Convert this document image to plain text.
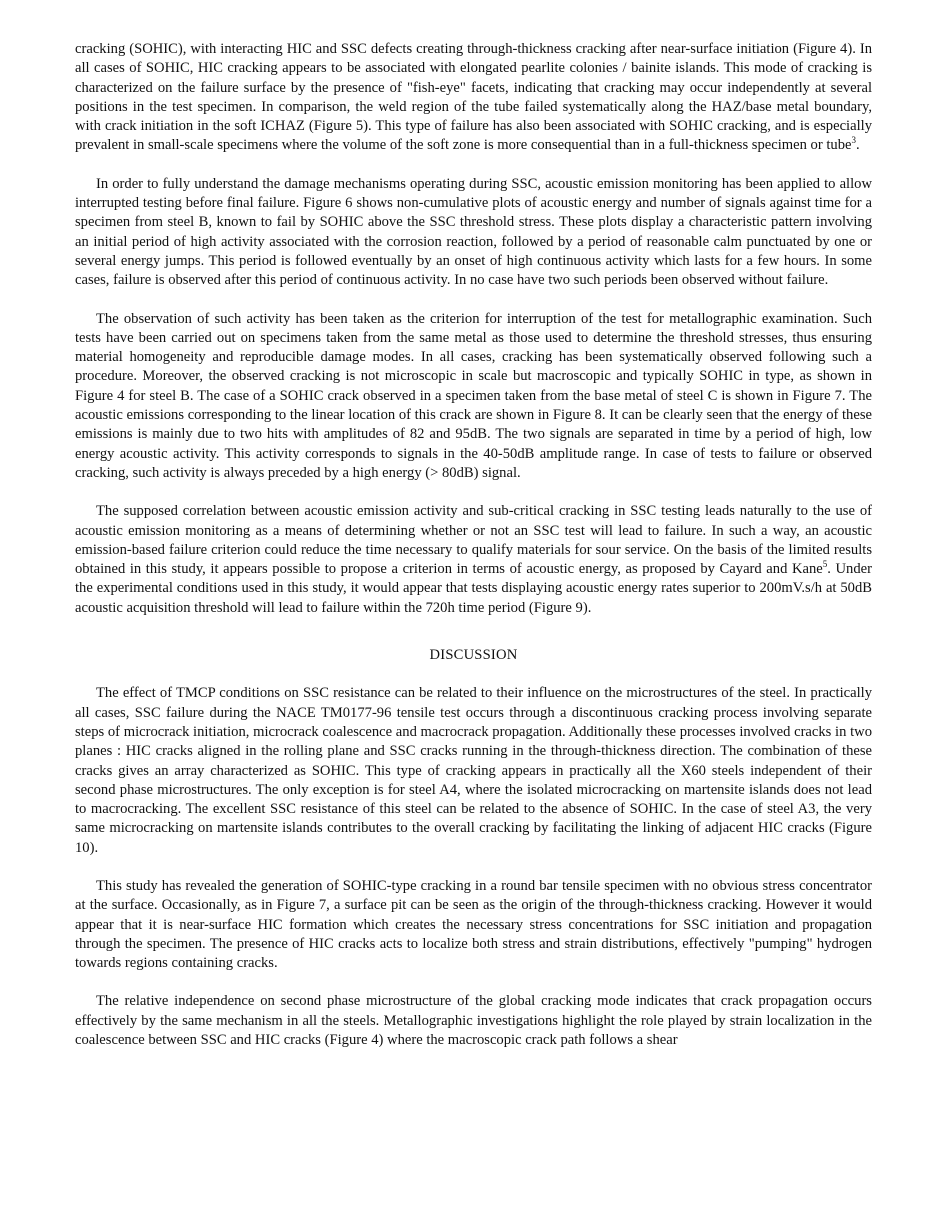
cracking (SOHIC), with interacting HIC and SSC defects creating through-thickness cracking after near-surface initiation (Figure 4). In all cases of SOHIC, HIC cracking appears to be associated with elongated pearlite colonies / bainite islands. This mode of cracking is characterized on the failure surface by the presence of "fish-eye" facets, indicating that cracking may occur independently at several positions in the test specimen. In comparison, the weld region of the tube failed systematically along the HAZ/base metal boundary, with crack initiation in the soft ICHAZ (Figure 5). This type of failure has also been associated with SOHIC cracking, and is especially prevalent in small-scale specimens where the volume of the soft zone is more consequential than in a full-thickness specimen or tube$^3$.

In order to fully understand the damage mechanisms operating during SSC, acoustic emission monitoring has been applied to allow interrupted testing before final failure. Figure 6 shows non-cumulative plots of acoustic energy and number of signals against time for a specimen from steel B, known to fail by SOHIC above the SSC threshold stress. These plots display a characteristic pattern involving an initial period of high activity associated with the corrosion reaction, followed by a period of reasonable calm punctuated by one or several energy jumps. This period is followed eventually by an onset of high continuous activity which lasts for a few hours. In some cases, failure is observed after this period of continuous activity. In no case have two such periods been observed without failure.

The observation of such activity has been taken as the criterion for interruption of the test for metallographic examination. Such tests have been carried out on specimens taken from the same metal as those used to determine the threshold stresses, thus ensuring material homogeneity and reproducible damage modes. In all cases, cracking has been systematically observed following such a procedure. Moreover, the observed cracking is not microscopic in scale but macroscopic and typically SOHIC in type, as shown in Figure 4 for steel B. The case of a SOHIC crack observed in a specimen taken from the base metal of steel C is shown in Figure 7. The acoustic emissions corresponding to the linear location of this crack are shown in Figure 8. It can be clearly seen that the energy of these emissions is mainly due to two hits with amplitudes of 82 and 95dB. The two signals are separated in time by a period of high, low energy acoustic activity. This activity corresponds to signals in the 40-50dB amplitude range. In case of tests to failure or observed cracking, such activity is always preceded by a high energy (> 80dB) signal.

The supposed correlation between acoustic emission activity and sub-critical cracking in SSC testing leads naturally to the use of acoustic emission monitoring as a means of determining whether or not an SSC test will lead to failure. In such a way, an acoustic emission-based failure criterion could reduce the time necessary to qualify materials for sour service. On the basis of the limited results obtained in this study, it appears possible to propose a criterion in terms of acoustic energy, as proposed by Cayard and Kane$^5$. Under the experimental conditions used in this study, it would appear that tests displaying acoustic energy rates superior to 200mV.s/h at 50dB acoustic acquisition threshold will lead to failure within the 720h time period (Figure 9).

DISCUSSION

The effect of TMCP conditions on SSC resistance can be related to their influence on the microstructures of the steel. In practically all cases, SSC failure during the NACE TM0177-96 tensile test occurs through a discontinuous cracking process involving separate steps of microcrack initiation, microcrack coalescence and macrocrack propagation. Additionally these processes involved cracks in two planes : HIC cracks aligned in the rolling plane and SSC cracks running in the through-thickness direction. The combination of these cracks gives an array characterized as SOHIC. This type of cracking appears in practically all the X60 steels independent of their second phase microstructures. The only exception is for steel A4, where the isolated microcracking on martensite islands does not lead to macrocracking. The excellent SSC resistance of this steel can be related to the absence of SOHIC. In the case of steel A3, the very same microcracking on martensite islands contributes to the overall cracking by facilitating the linking of adjacent HIC cracks (Figure 10).

This study has revealed the generation of SOHIC-type cracking in a round bar tensile specimen with no obvious stress concentrator at the surface. Occasionally, as in Figure 7, a surface pit can be seen as the origin of the through-thickness cracking. However it would appear that it is near-surface HIC formation which creates the necessary stress concentrations for SSC initiation and propagation through the specimen. The presence of HIC cracks acts to localize both stress and strain distributions, effectively "pumping" hydrogen towards regions containing cracks.

The relative independence on second phase microstructure of the global cracking mode indicates that crack propagation occurs effectively by the same mechanism in all the steels. Metallographic investigations highlight the role played by strain localization in the coalescence between SSC and HIC cracks (Figure 4) where the macroscopic crack path follows a shear
